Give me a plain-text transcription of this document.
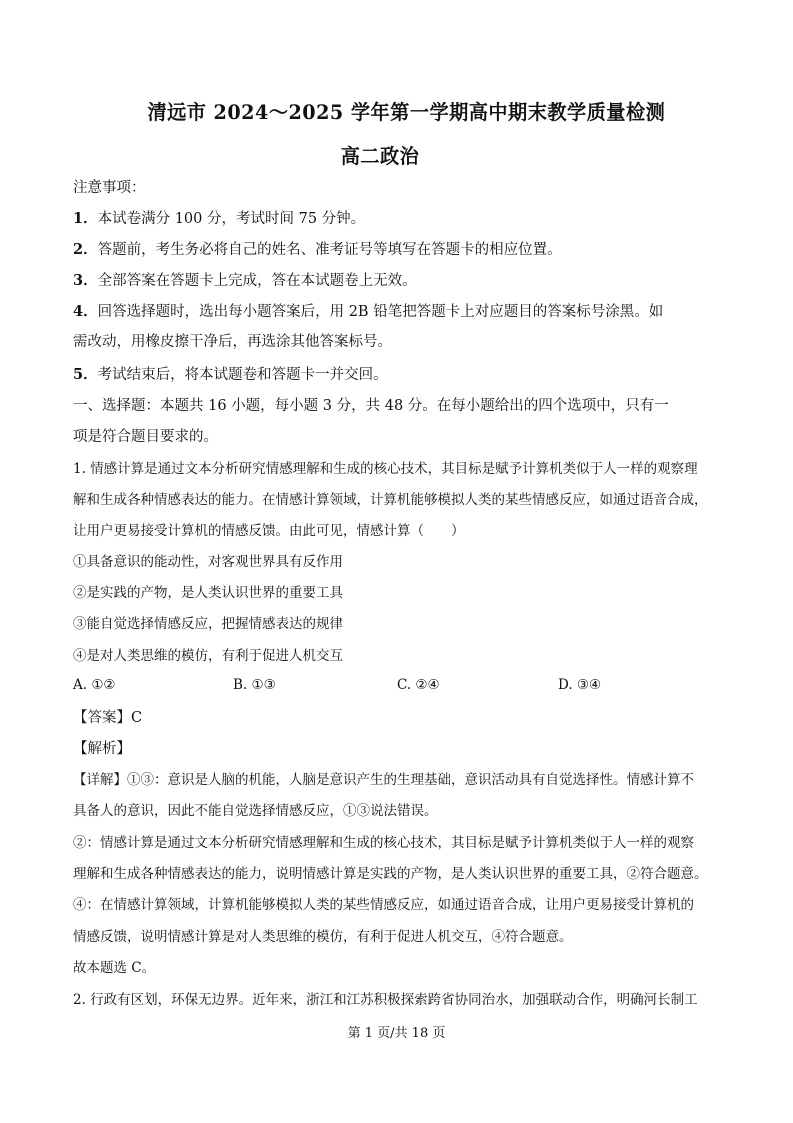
清远市 2024～2025 学年第一学期高中期末教学质量检测
高二政治
注意事项：
1．本试卷满分 100 分，考试时间 75 分钟。
2．答题前，考生务必将自己的姓名、准考证号等填写在答题卡的相应位置。
3．全部答案在答题卡上完成，答在本试题卷上无效。
4．回答选择题时，选出每小题答案后，用 2B 铅笔把答题卡上对应题目的答案标号涂黑。如
需改动，用橡皮擦干净后，再选涂其他答案标号。
5．考试结束后，将本试题卷和答题卡一并交回。
一、选择题：本题共 16 小题，每小题 3 分，共 48 分。在每小题给出的四个选项中，只有一
项是符合题目要求的。
1. 情感计算是通过文本分析研究情感理解和生成的核心技术，其目标是赋予计算机类似于人一样的观察理
解和生成各种情感表达的能力。在情感计算领域，计算机能够模拟人类的某些情感反应，如通过语音合成，
让用户更易接受计算机的情感反馈。由此可见，情感计算（　　）
①具备意识的能动性，对客观世界具有反作用
②是实践的产物，是人类认识世界的重要工具
③能自觉选择情感反应，把握情感表达的规律
④是对人类思维的模仿，有利于促进人机交互
A. ①②	B. ①③	C. ②④	D. ③④
【答案】C
【解析】
【详解】①③：意识是人脑的机能，人脑是意识产生的生理基础，意识活动具有自觉选择性。情感计算不
具备人的意识，因此不能自觉选择情感反应，①③说法错误。
②：情感计算是通过文本分析研究情感理解和生成的核心技术，其目标是赋予计算机类似于人一样的观察
理解和生成各种情感表达的能力，说明情感计算是实践的产物，是人类认识世界的重要工具，②符合题意。
④：在情感计算领域，计算机能够模拟人类的某些情感反应，如通过语音合成，让用户更易接受计算机的
情感反馈，说明情感计算是对人类思维的模仿，有利于促进人机交互，④符合题意。
故本题选 C。
2. 行政有区划，环保无边界。近年来，浙江和江苏积极探索跨省协同治水，加强联动合作，明确河长制工
第 1 页/共 18 页
